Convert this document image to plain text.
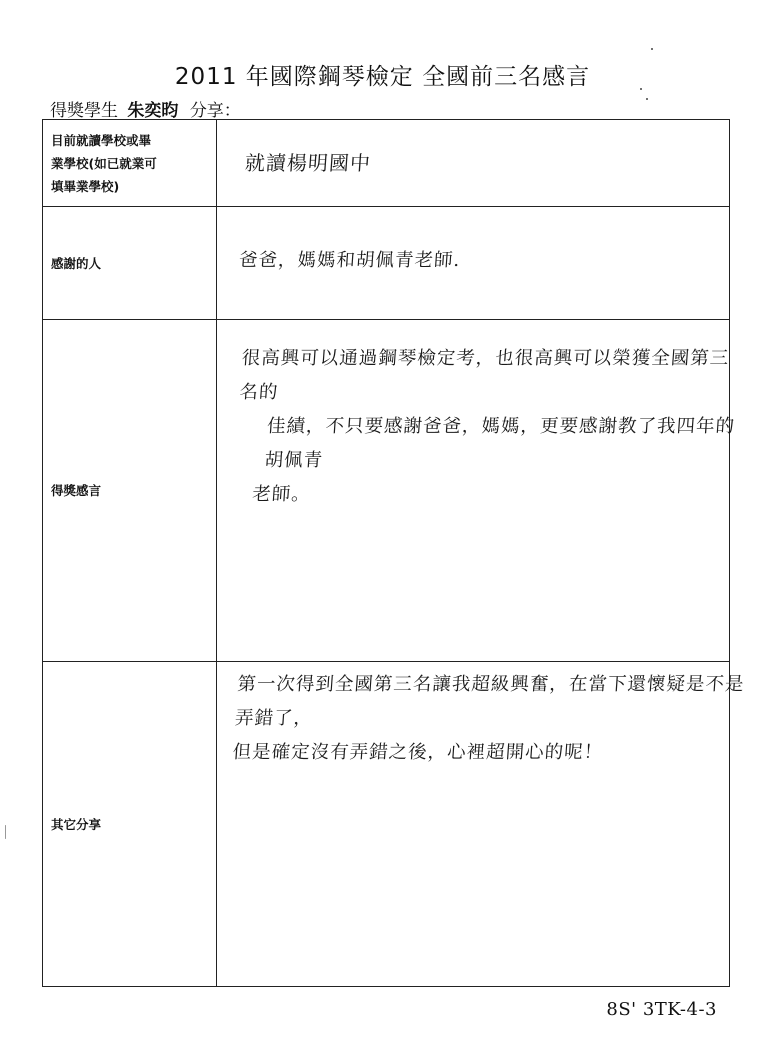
2011 年國際鋼琴檢定 全國前三名感言
得獎學生 朱奕昀 分享：
目前就讀學校或畢
業學校(如已就業可
填畢業學校)	就讀楊明國中

感謝的人	爸爸，媽媽和胡佩青老師.

得獎感言	很高興可以通過鋼琴檢定考，也很高興可以榮獲全國第三名的
佳績，不只要感謝爸爸，媽媽，更要感謝教了我四年的胡佩青
老師。

其它分享	第一次得到全國第三名讓我超級興奮，在當下還懷疑是不是弄錯了，
但是確定沒有弄錯之後，心裡超開心的呢！
8S' 3TK-4-3
